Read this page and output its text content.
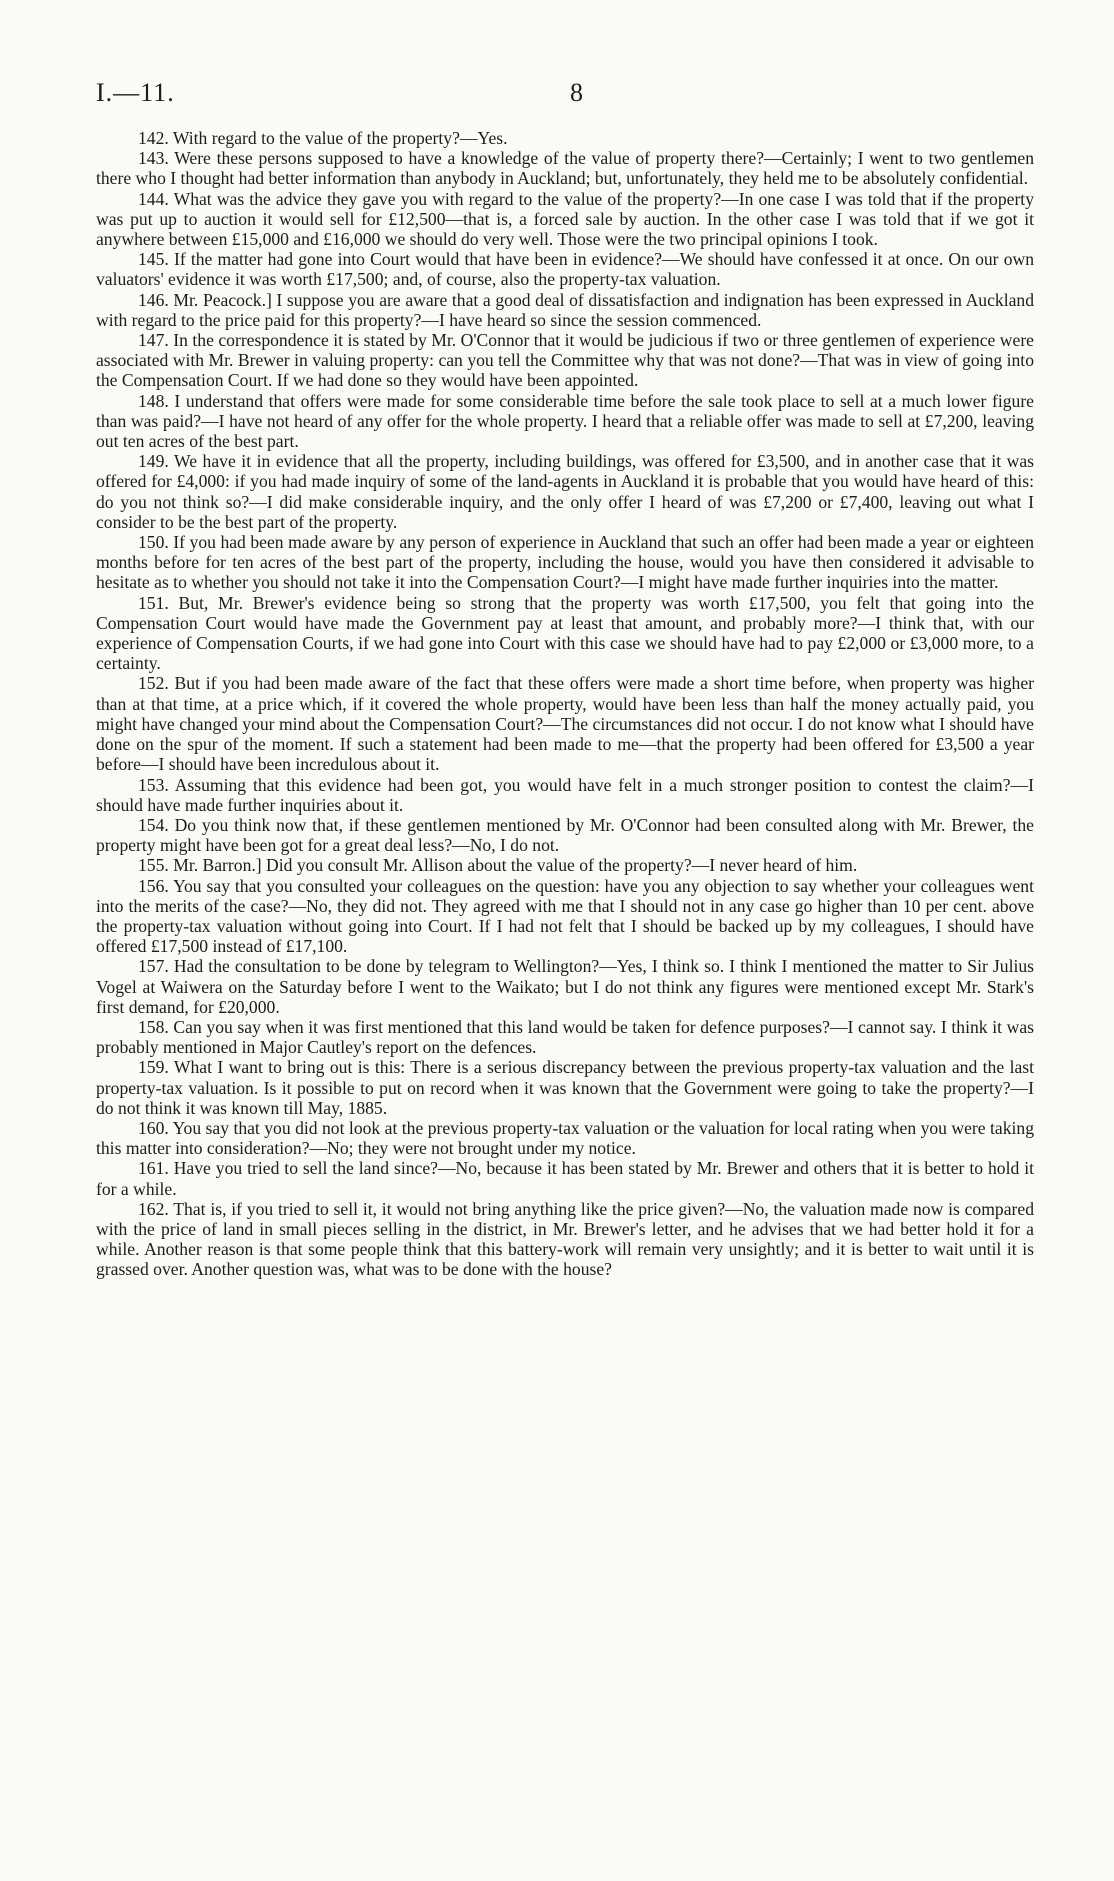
I.—11.	8

142. With regard to the value of the property?—Yes.

143. Were these persons supposed to have a knowledge of the value of property there?—Certainly; I went to two gentlemen there who I thought had better information than anybody in Auckland; but, unfortunately, they held me to be absolutely confidential.

144. What was the advice they gave you with regard to the value of the property?—In one case I was told that if the property was put up to auction it would sell for £12,500—that is, a forced sale by auction. In the other case I was told that if we got it anywhere between £15,000 and £16,000 we should do very well. Those were the two principal opinions I took.

145. If the matter had gone into Court would that have been in evidence?—We should have confessed it at once. On our own valuators' evidence it was worth £17,500; and, of course, also the property-tax valuation.

146. Mr. Peacock.] I suppose you are aware that a good deal of dissatisfaction and indignation has been expressed in Auckland with regard to the price paid for this property?—I have heard so since the session commenced.

147. In the correspondence it is stated by Mr. O'Connor that it would be judicious if two or three gentlemen of experience were associated with Mr. Brewer in valuing property: can you tell the Committee why that was not done?—That was in view of going into the Compensation Court. If we had done so they would have been appointed.

148. I understand that offers were made for some considerable time before the sale took place to sell at a much lower figure than was paid?—I have not heard of any offer for the whole property. I heard that a reliable offer was made to sell at £7,200, leaving out ten acres of the best part.

149. We have it in evidence that all the property, including buildings, was offered for £3,500, and in another case that it was offered for £4,000: if you had made inquiry of some of the land-agents in Auckland it is probable that you would have heard of this: do you not think so?—I did make considerable inquiry, and the only offer I heard of was £7,200 or £7,400, leaving out what I consider to be the best part of the property.

150. If you had been made aware by any person of experience in Auckland that such an offer had been made a year or eighteen months before for ten acres of the best part of the property, including the house, would you have then considered it advisable to hesitate as to whether you should not take it into the Compensation Court?—I might have made further inquiries into the matter.

151. But, Mr. Brewer's evidence being so strong that the property was worth £17,500, you felt that going into the Compensation Court would have made the Government pay at least that amount, and probably more?—I think that, with our experience of Compensation Courts, if we had gone into Court with this case we should have had to pay £2,000 or £3,000 more, to a certainty.

152. But if you had been made aware of the fact that these offers were made a short time before, when property was higher than at that time, at a price which, if it covered the whole property, would have been less than half the money actually paid, you might have changed your mind about the Compensation Court?—The circumstances did not occur. I do not know what I should have done on the spur of the moment. If such a statement had been made to me—that the property had been offered for £3,500 a year before—I should have been incredulous about it.

153. Assuming that this evidence had been got, you would have felt in a much stronger position to contest the claim?—I should have made further inquiries about it.

154. Do you think now that, if these gentlemen mentioned by Mr. O'Connor had been consulted along with Mr. Brewer, the property might have been got for a great deal less?—No, I do not.

155. Mr. Barron.] Did you consult Mr. Allison about the value of the property?—I never heard of him.

156. You say that you consulted your colleagues on the question: have you any objection to say whether your colleagues went into the merits of the case?—No, they did not. They agreed with me that I should not in any case go higher than 10 per cent. above the property-tax valuation without going into Court. If I had not felt that I should be backed up by my colleagues, I should have offered £17,500 instead of £17,100.

157. Had the consultation to be done by telegram to Wellington?—Yes, I think so. I think I mentioned the matter to Sir Julius Vogel at Waiwera on the Saturday before I went to the Waikato; but I do not think any figures were mentioned except Mr. Stark's first demand, for £20,000.

158. Can you say when it was first mentioned that this land would be taken for defence purposes?—I cannot say. I think it was probably mentioned in Major Cautley's report on the defences.

159. What I want to bring out is this: There is a serious discrepancy between the previous property-tax valuation and the last property-tax valuation. Is it possible to put on record when it was known that the Government were going to take the property?—I do not think it was known till May, 1885.

160. You say that you did not look at the previous property-tax valuation or the valuation for local rating when you were taking this matter into consideration?—No; they were not brought under my notice.

161. Have you tried to sell the land since?—No, because it has been stated by Mr. Brewer and others that it is better to hold it for a while.

162. That is, if you tried to sell it, it would not bring anything like the price given?—No, the valuation made now is compared with the price of land in small pieces selling in the district, in Mr. Brewer's letter, and he advises that we had better hold it for a while. Another reason is that some people think that this battery-work will remain very unsightly; and it is better to wait until it is grassed over. Another question was, what was to be done with the house?
